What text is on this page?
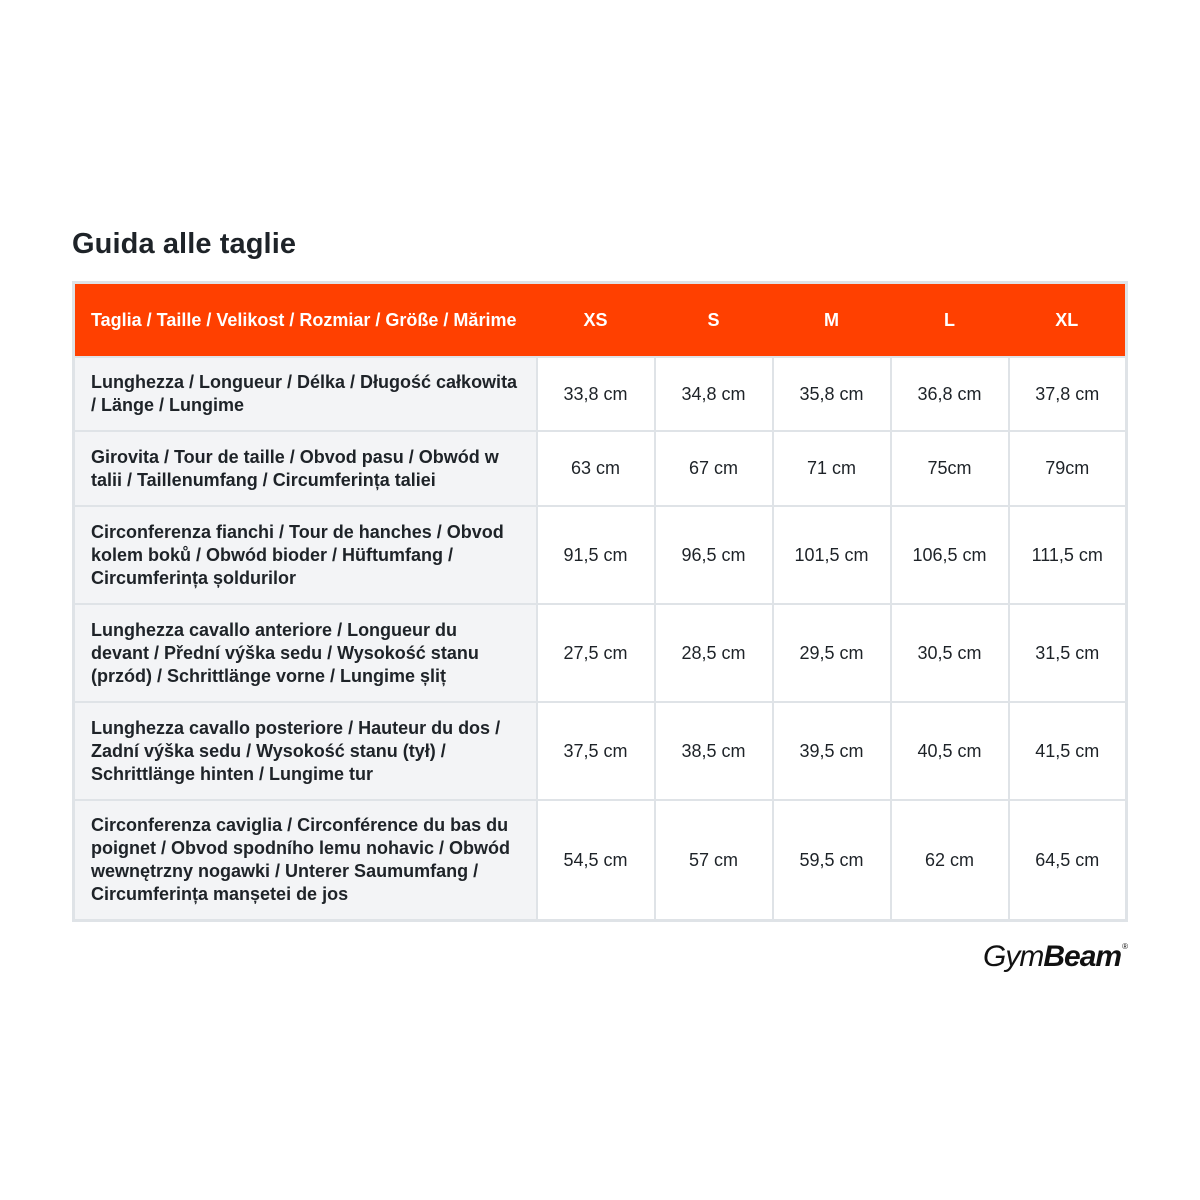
Guida alle taglie
Taglia / Taille / Velikost / Rozmiar / Größe / Mărime	XS	S	M	L	XL
Lunghezza / Longueur / Délka / Długość całkowita / Länge / Lungime	33,8 cm	34,8 cm	35,8 cm	36,8 cm	37,8 cm
Girovita / Tour de taille / Obvod pasu / Obwód w talii / Taillenumfang / Circumferința taliei	63 cm	67 cm	71 cm	75cm	79cm
Circonferenza fianchi / Tour de hanches / Obvod kolem boků / Obwód bioder / Hüftumfang / Circumferința șoldurilor	91,5 cm	96,5 cm	101,5 cm	106,5 cm	111,5 cm
Lunghezza cavallo anteriore / Longueur du devant / Přední výška sedu / Wysokość stanu (przód) / Schrittlänge vorne / Lungime șliț	27,5 cm	28,5 cm	29,5 cm	30,5 cm	31,5 cm
Lunghezza cavallo posteriore / Hauteur du dos / Zadní výška sedu / Wysokość stanu (tył) / Schrittlänge hinten / Lungime tur	37,5 cm	38,5 cm	39,5 cm	40,5 cm	41,5 cm
Circonferenza caviglia / Circonférence du bas du poignet / Obvod spodního lemu nohavic / Obwód wewnętrzny nogawki / Unterer Saumumfang / Circumferința manșetei de jos	54,5 cm	57 cm	59,5 cm	62 cm	64,5 cm
GymBeam®
